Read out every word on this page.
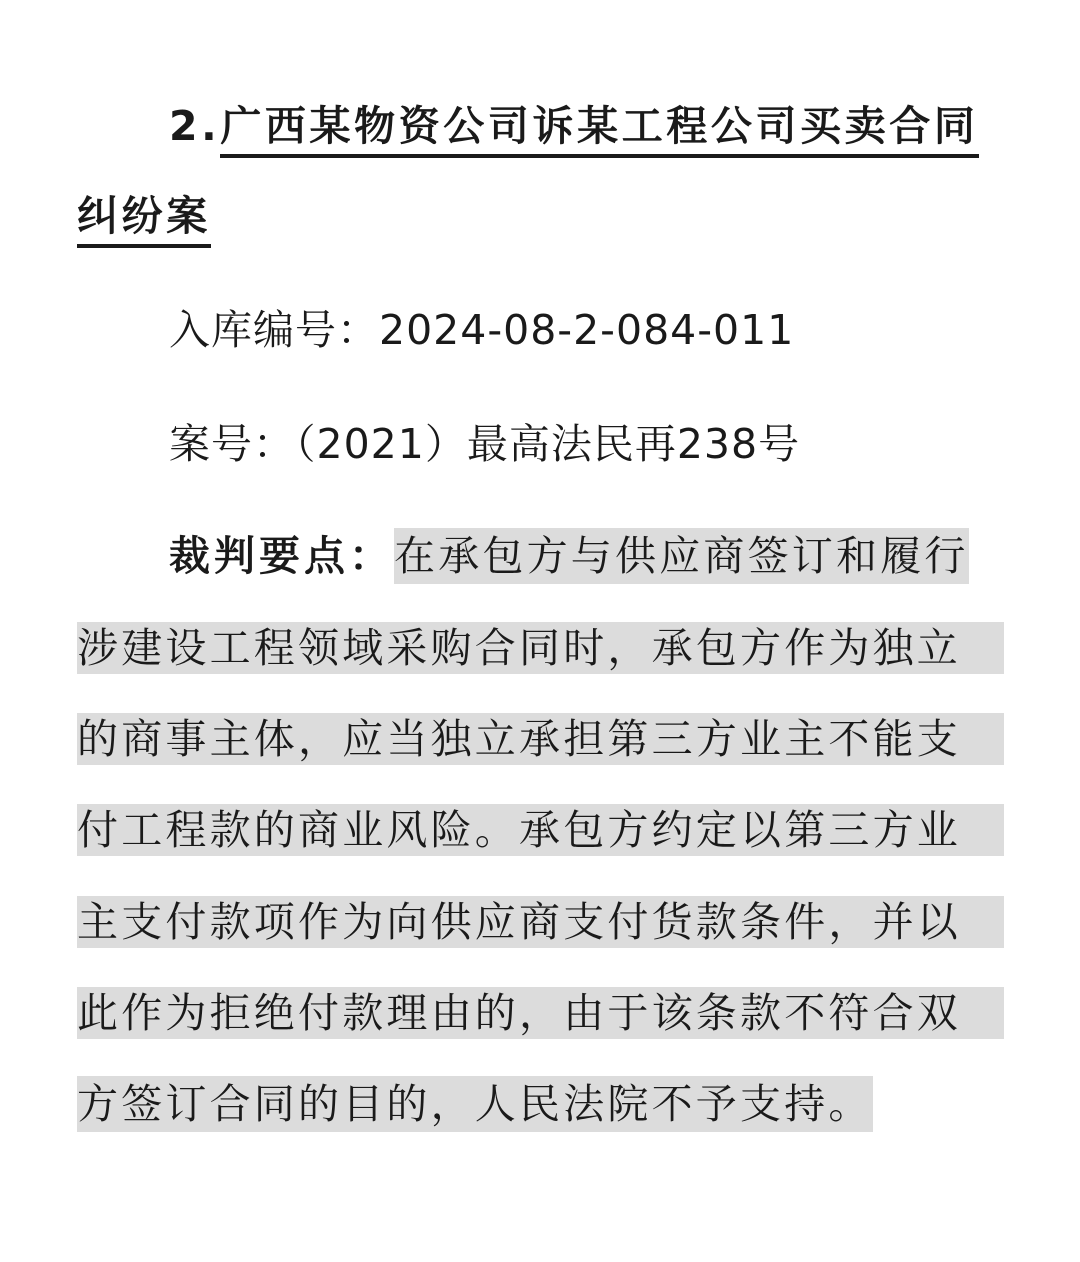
2.广西某物资公司诉某工程公司买卖合同
纠纷案
入库编号：2024-08-2-084-011
案号：（2021）最高法民再238号
裁判要点：在承包方与供应商签订和履行
涉建设工程领域采购合同时，承包方作为独立
的商事主体，应当独立承担第三方业主不能支
付工程款的商业风险。承包方约定以第三方业
主支付款项作为向供应商支付货款条件，并以
此作为拒绝付款理由的，由于该条款不符合双
方签订合同的目的，人民法院不予支持。
